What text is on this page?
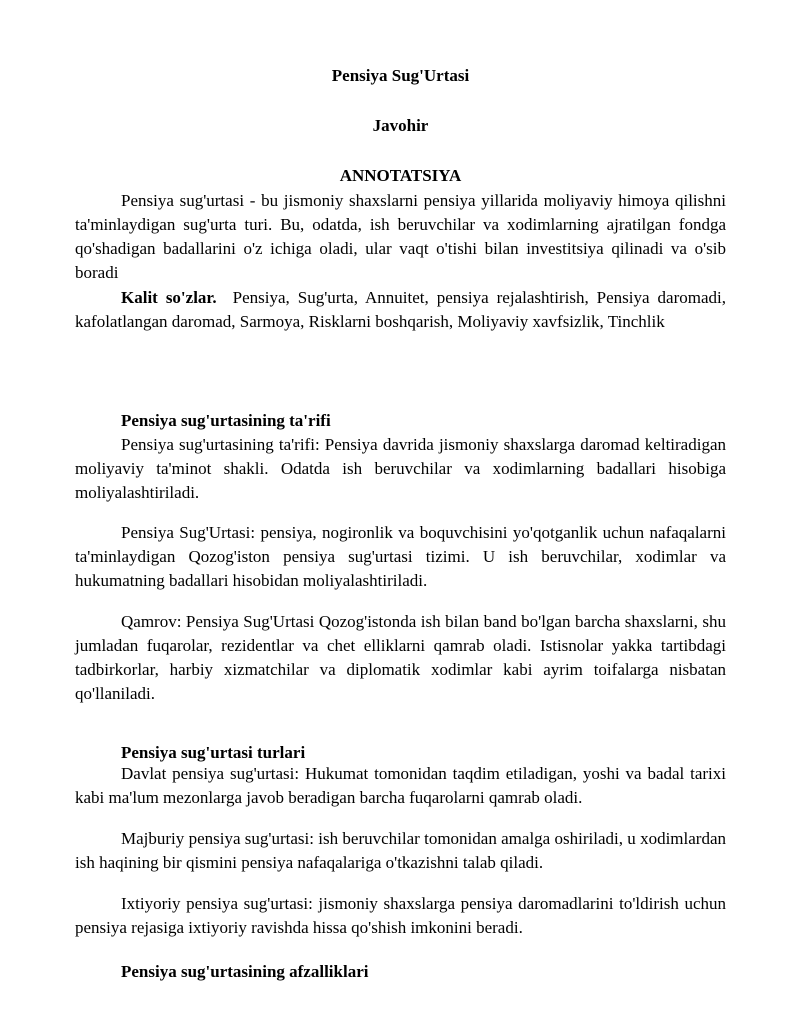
Pensiya Sug'Urtasi

Javohir

ANNOTATSIYA

Pensiya sug'urtasi - bu jismoniy shaxslarni pensiya yillarida moliyaviy himoya qilishni ta'minlaydigan sug'urta turi. Bu, odatda, ish beruvchilar va xodimlarning ajratilgan fondga qo'shadigan badallarini o'z ichiga oladi, ular vaqt o'tishi bilan investitsiya qilinadi va o'sib boradi

Kalit so'zlar. Pensiya, Sug'urta, Annuitet, pensiya rejalashtirish, Pensiya daromadi, kafolatlangan daromad, Sarmoya, Risklarni boshqarish, Moliyaviy xavfsizlik, Tinchlik

Pensiya sug'urtasining ta'rifi

Pensiya sug'urtasining ta'rifi: Pensiya davrida jismoniy shaxslarga daromad keltiradigan moliyaviy ta'minot shakli. Odatda ish beruvchilar va xodimlarning badallari hisobiga moliyalashtiriladi.

Pensiya Sug'Urtasi: pensiya, nogironlik va boquvchisini yo'qotganlik uchun nafaqalarni ta'minlaydigan Qozog'iston pensiya sug'urtasi tizimi. U ish beruvchilar, xodimlar va hukumatning badallari hisobidan moliyalashtiriladi.

Qamrov: Pensiya Sug'Urtasi Qozog'istonda ish bilan band bo'lgan barcha shaxslarni, shu jumladan fuqarolar, rezidentlar va chet elliklarni qamrab oladi. Istisnolar yakka tartibdagi tadbirkorlar, harbiy xizmatchilar va diplomatik xodimlar kabi ayrim toifalarga nisbatan qo'llaniladi.

Pensiya sug'urtasi turlari

Davlat pensiya sug'urtasi: Hukumat tomonidan taqdim etiladigan, yoshi va badal tarixi kabi ma'lum mezonlarga javob beradigan barcha fuqarolarni qamrab oladi.

Majburiy pensiya sug'urtasi: ish beruvchilar tomonidan amalga oshiriladi, u xodimlardan ish haqining bir qismini pensiya nafaqalariga o'tkazishni talab qiladi.

Ixtiyoriy pensiya sug'urtasi: jismoniy shaxslarga pensiya daromadlarini to'ldirish uchun pensiya rejasiga ixtiyoriy ravishda hissa qo'shish imkonini beradi.

Pensiya sug'urtasining afzalliklari
